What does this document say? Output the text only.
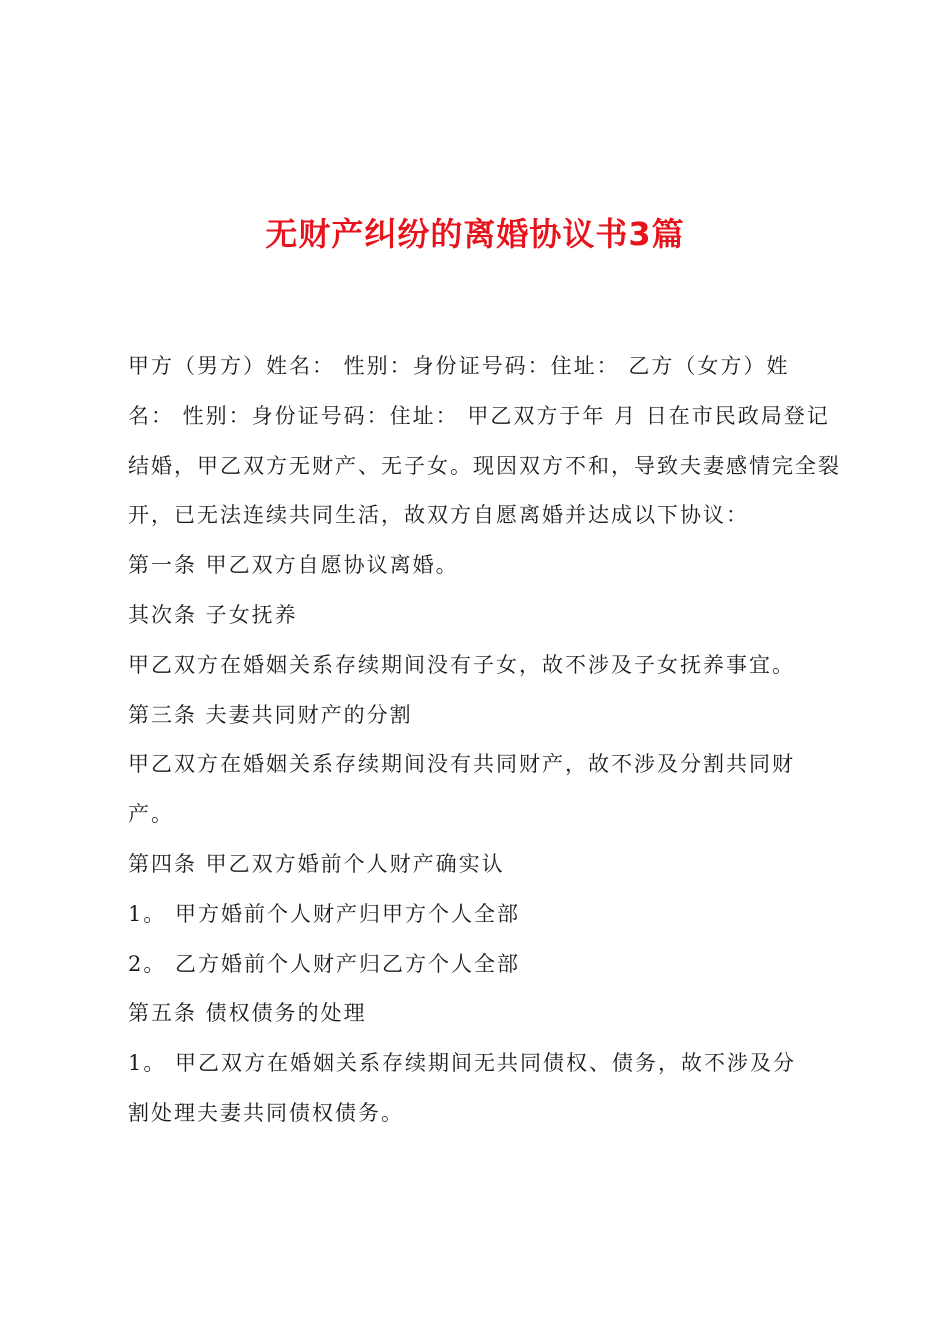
无财产纠纷的离婚协议书3篇

甲方（男方）姓名： 性别：身份证号码：住址： 乙方（女方）姓

名： 性别：身份证号码：住址： 甲乙双方于年 月 日在市民政局登记

结婚，甲乙双方无财产、无子女。现因双方不和，导致夫妻感情完全裂

开，已无法连续共同生活，故双方自愿离婚并达成以下协议：

第一条 甲乙双方自愿协议离婚。

其次条 子女抚养

甲乙双方在婚姻关系存续期间没有子女，故不涉及子女抚养事宜。

第三条 夫妻共同财产的分割

甲乙双方在婚姻关系存续期间没有共同财产，故不涉及分割共同财

产。

第四条 甲乙双方婚前个人财产确实认

1。 甲方婚前个人财产归甲方个人全部

2。 乙方婚前个人财产归乙方个人全部

第五条 债权债务的处理

1。 甲乙双方在婚姻关系存续期间无共同债权、债务，故不涉及分

割处理夫妻共同债权债务。
